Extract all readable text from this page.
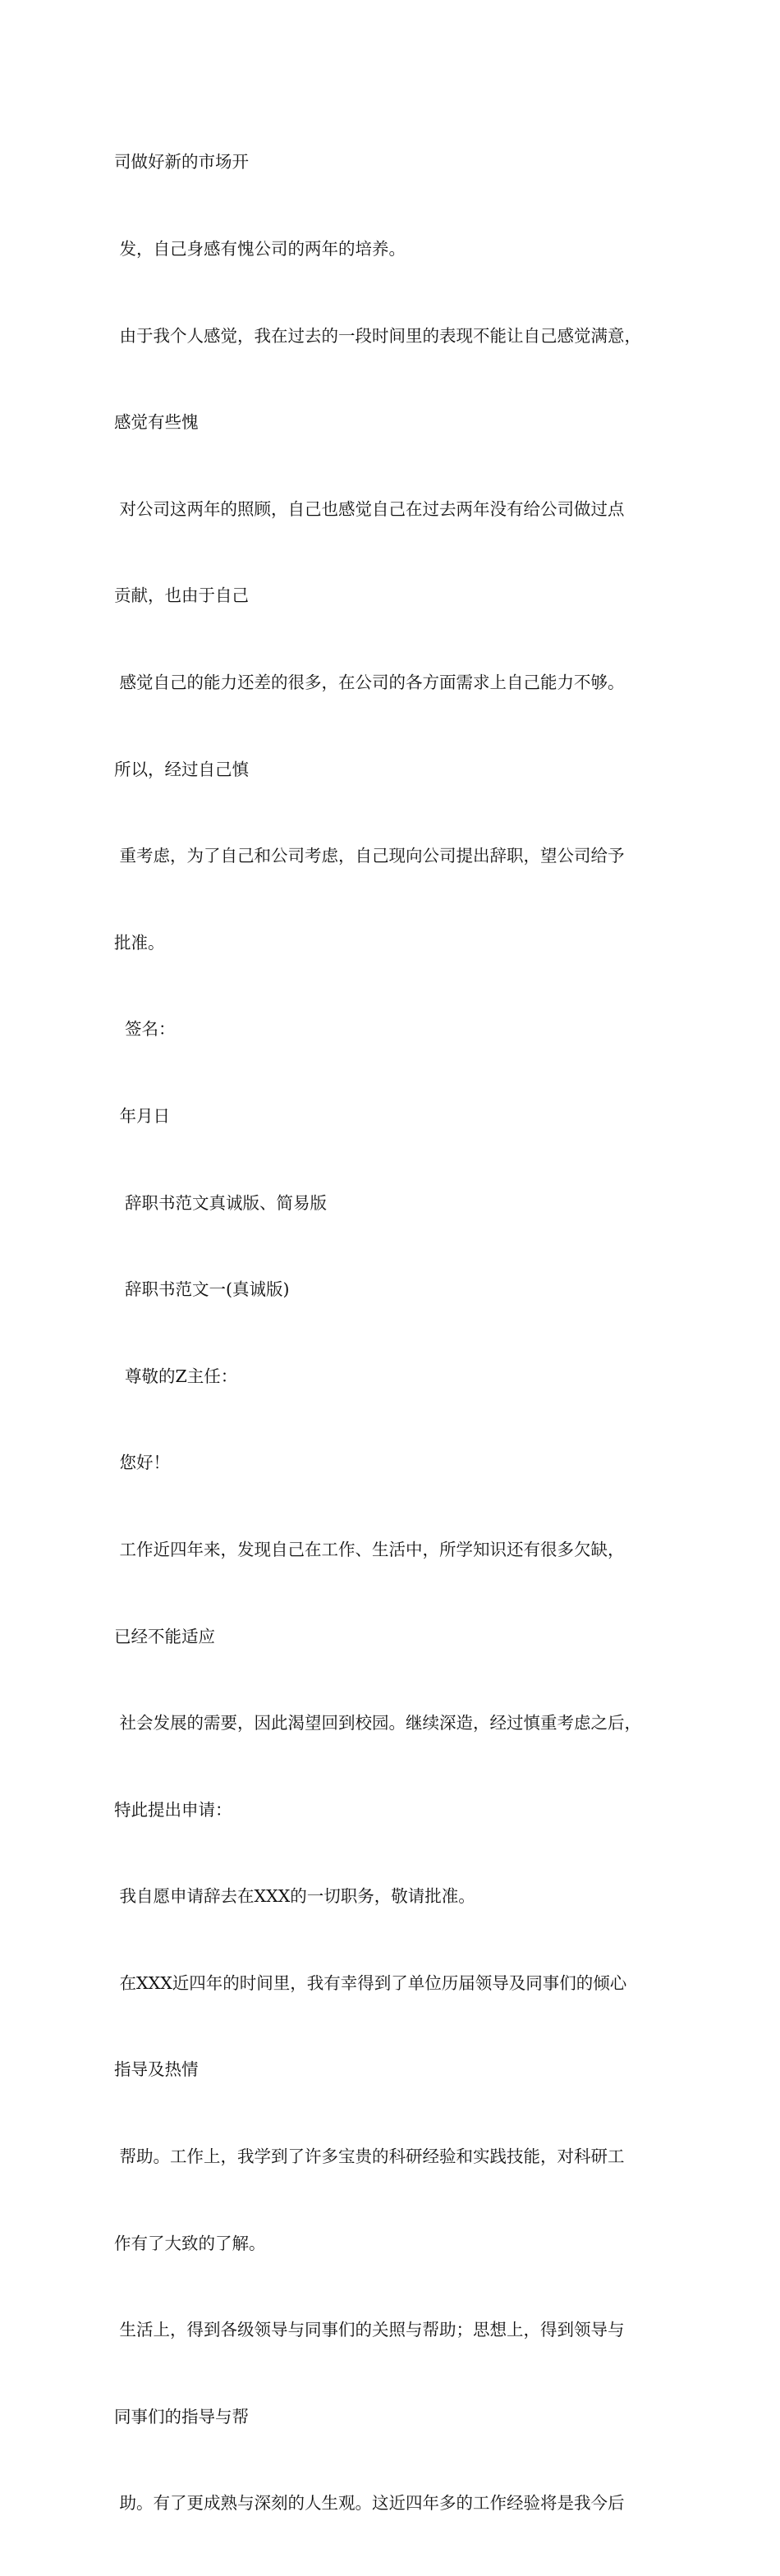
司做好新的市场开

发，自己身感有愧公司的两年的培养。

由于我个人感觉，我在过去的一段时间里的表现不能让自己感觉满意，

感觉有些愧

对公司这两年的照顾，自己也感觉自己在过去两年没有给公司做过点

贡献，也由于自己

感觉自己的能力还差的很多，在公司的各方面需求上自己能力不够。

所以，经过自己慎

重考虑，为了自己和公司考虑，自己现向公司提出辞职，望公司给予

批准。

签名：

年月日

辞职书范文真诚版、简易版

辞职书范文一(真诚版)

尊敬的Z主任：

您好！

工作近四年来，发现自己在工作、生活中，所学知识还有很多欠缺，

已经不能适应

社会发展的需要，因此渴望回到校园。继续深造，经过慎重考虑之后，

特此提出申请：

我自愿申请辞去在XXX的一切职务，敬请批准。

在XXX近四年的时间里，我有幸得到了单位历届领导及同事们的倾心

指导及热情

帮助。工作上，我学到了许多宝贵的科研经验和实践技能，对科研工

作有了大致的了解。

生活上，得到各级领导与同事们的关照与帮助；思想上，得到领导与

同事们的指导与帮

助。有了更成熟与深刻的人生观。这近四年多的工作经验将是我今后
